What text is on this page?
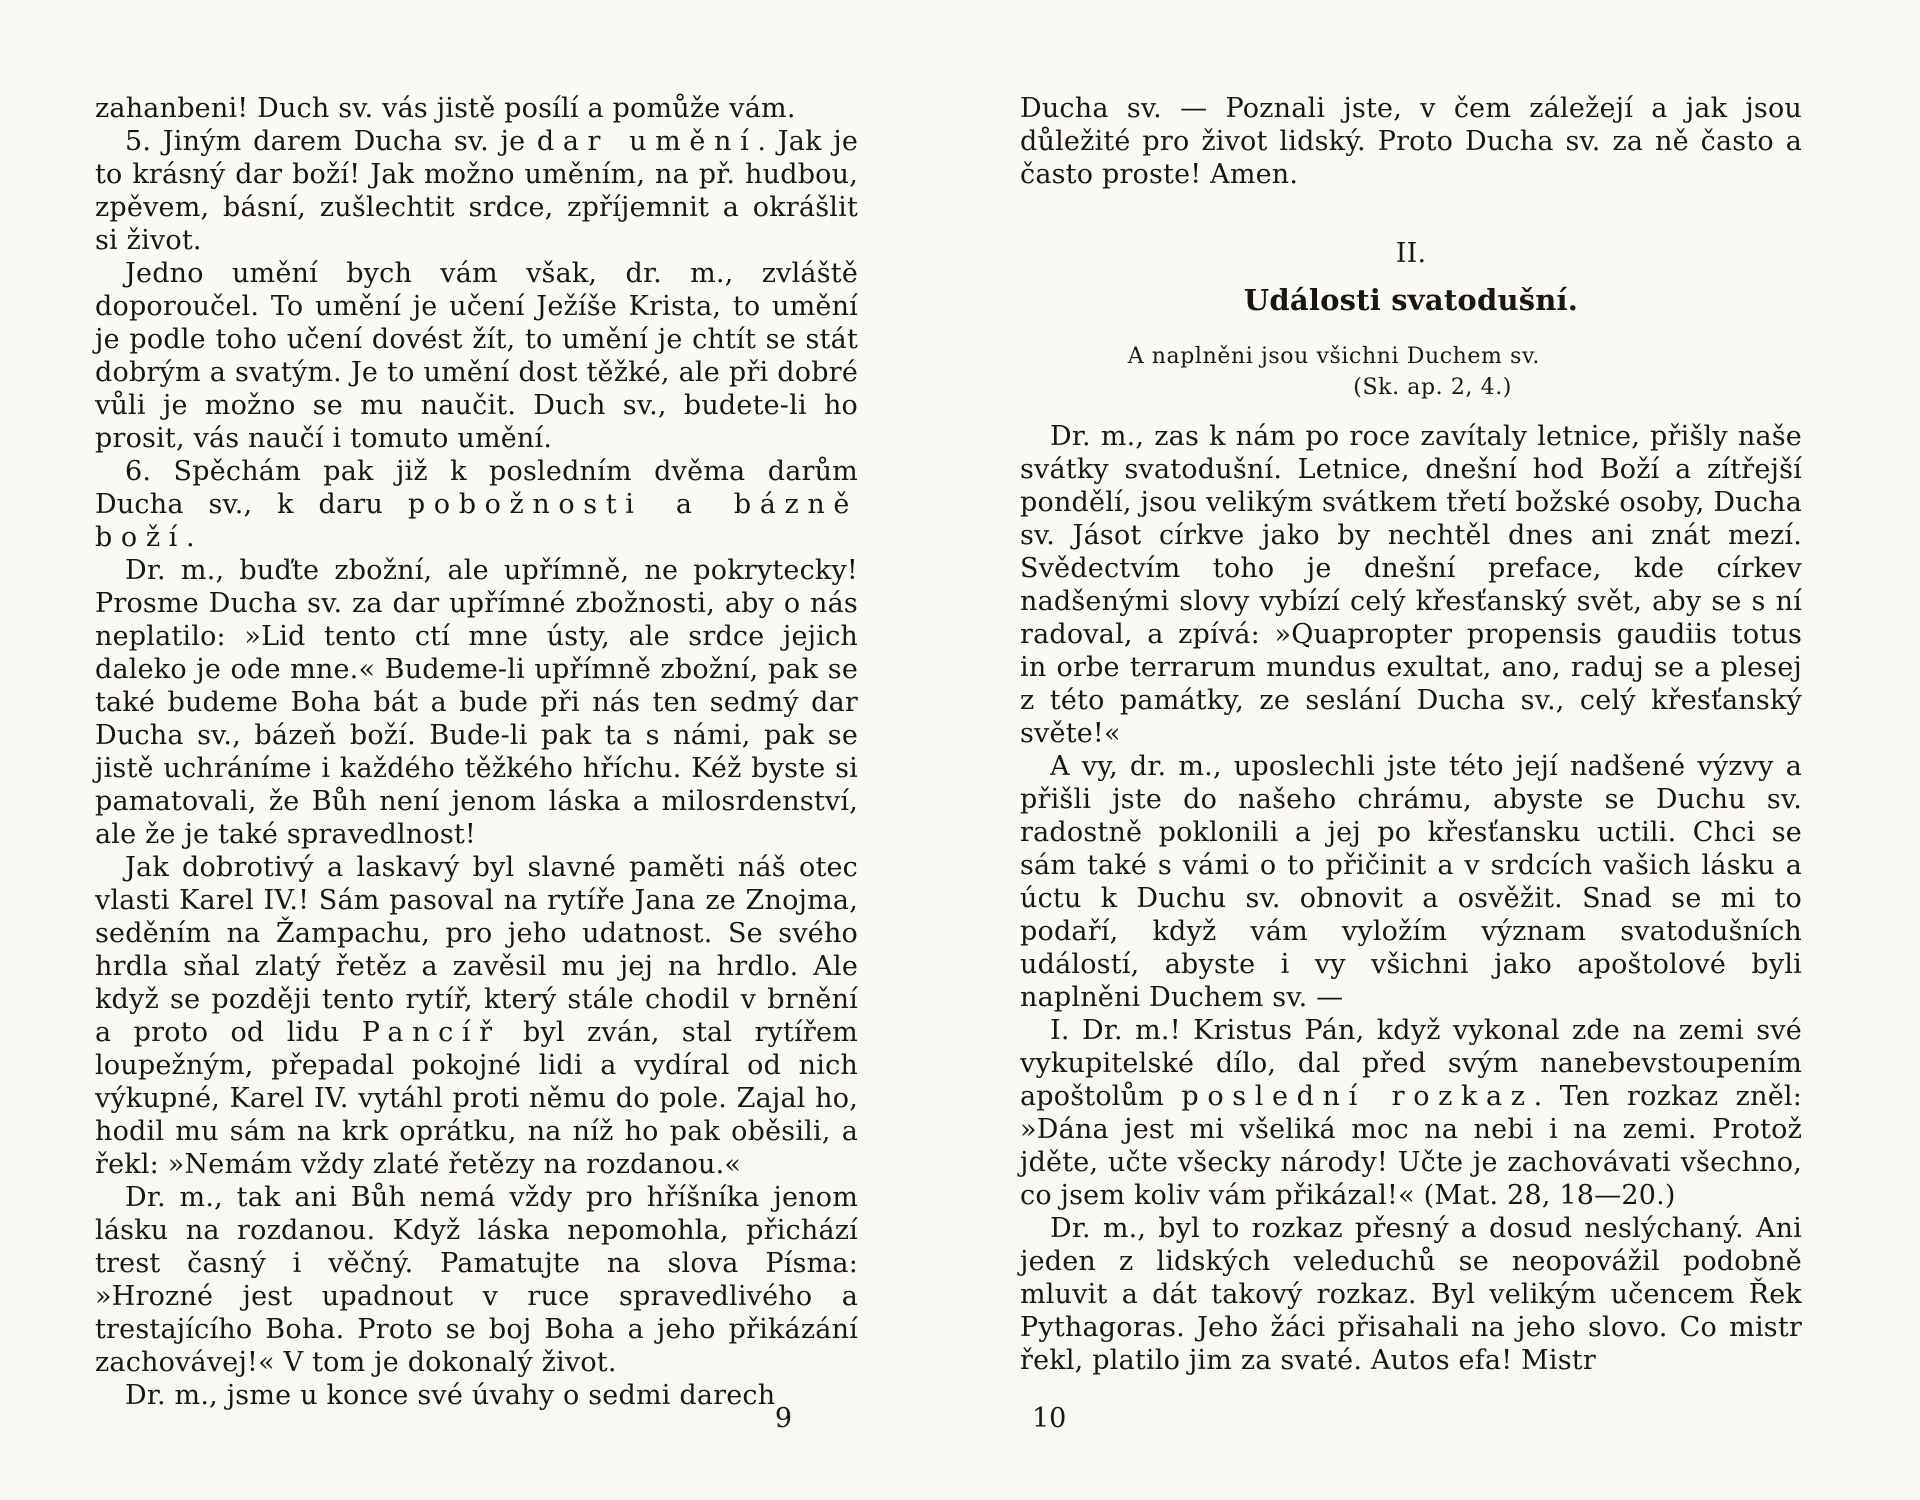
zahanbeni! Duch sv. vás jistě posílí a pomůže vám.

5. Jiným darem Ducha sv. je dar umění. Jak je to krásný dar boží! Jak možno uměním, na př. hudbou, zpěvem, básní, zušlechtit srdce, zpříjemnit a okrášlit si život.

Jedno umění bych vám však, dr. m., zvláště doporoučel. To umění je učení Ježíše Krista, to umění je podle toho učení dovést žít, to umění je chtít se stát dobrým a svatým. Je to umění dost těžké, ale při dobré vůli je možno se mu naučit. Duch sv., budete-li ho prosit, vás naučí i tomuto umění.

6. Spěchám pak již k posledním dvěma darům Ducha sv., k daru pobožnosti a bázně boží.

Dr. m., buďte zbožní, ale upřímně, ne pokrytecky! Prosme Ducha sv. za dar upřímné zbožnosti, aby o nás neplatilo: »Lid tento ctí mne ústy, ale srdce jejich daleko je ode mne.« Budeme-li upřímně zbožní, pak se také budeme Boha bát a bude při nás ten sedmý dar Ducha sv., bázeň boží. Bude-li pak ta s námi, pak se jistě uchráníme i každého těžkého hříchu. Kéž byste si pamatovali, že Bůh není jenom láska a milosrdenství, ale že je také spravedlnost!

Jak dobrotivý a laskavý byl slavné paměti náš otec vlasti Karel IV.! Sám pasoval na rytíře Jana ze Znojma, seděním na Žampachu, pro jeho udatnost. Se svého hrdla sňal zlatý řetěz a zavěsil mu jej na hrdlo. Ale když se později tento rytíř, který stále chodil v brnění a proto od lidu Pancíř byl zván, stal rytířem loupežným, přepadal pokojné lidi a vydíral od nich výkupné, Karel IV. vytáhl proti němu do pole. Zajal ho, hodil mu sám na krk oprátku, na níž ho pak oběsili, a řekl: »Nemám vždy zlaté řetězy na rozdanou.«

Dr. m., tak ani Bůh nemá vždy pro hříšníka jenom lásku na rozdanou. Když láska nepomohla, přichází trest časný i věčný. Pamatujte na slova Písma: »Hrozné jest upadnout v ruce spravedlivého a trestajícího Boha. Proto se boj Boha a jeho přikázání zachovávej!« V tom je dokonalý život.

Dr. m., jsme u konce své úvahy o sedmi darech

Ducha sv. — Poznali jste, v čem záležejí a jak jsou důležité pro život lidský. Proto Ducha sv. za ně často a často proste! Amen.

II.
Události svatodušní.
A naplněni jsou všichni Duchem sv.
(Sk. ap. 2, 4.)

Dr. m., zas k nám po roce zavítaly letnice, přišly naše svátky svatodušní. Letnice, dnešní hod Boží a zítřejší pondělí, jsou velikým svátkem třetí božské osoby, Ducha sv. Jásot církve jako by nechtěl dnes ani znát mezí. Svědectvím toho je dnešní preface, kde církev nadšenými slovy vybízí celý křesťanský svět, aby se s ní radoval, a zpívá: »Quapropter propensis gaudiis totus in orbe terrarum mundus exultat, ano, raduj se a plesej z této památky, ze seslání Ducha sv., celý křesťanský světe!«

A vy, dr. m., uposlechli jste této její nadšené výzvy a přišli jste do našeho chrámu, abyste se Duchu sv. radostně poklonili a jej po křesťansku uctili. Chci se sám také s vámi o to přičinit a v srdcích vašich lásku a úctu k Duchu sv. obnovit a osvěžit. Snad se mi to podaří, když vám vyložím význam svatodušních událostí, abyste i vy všichni jako apoštolové byli naplněni Duchem sv. —

I. Dr. m.! Kristus Pán, když vykonal zde na zemi své vykupitelské dílo, dal před svým nanebevstoupením apoštolům poslední rozkaz. Ten rozkaz zněl: »Dána jest mi všeliká moc na nebi i na zemi. Protož jděte, učte všecky národy! Učte je zachovávati všechno, co jsem koliv vám přikázal!« (Mat. 28, 18—20.)

Dr. m., byl to rozkaz přesný a dosud neslýchaný. Ani jeden z lidských veleduchů se neopovážil podobně mluvit a dát takový rozkaz. Byl velikým učencem Řek Pythagoras. Jeho žáci přisahali na jeho slovo. Co mistr řekl, platilo jim za svaté. Autos efa! Mistr

9	10
